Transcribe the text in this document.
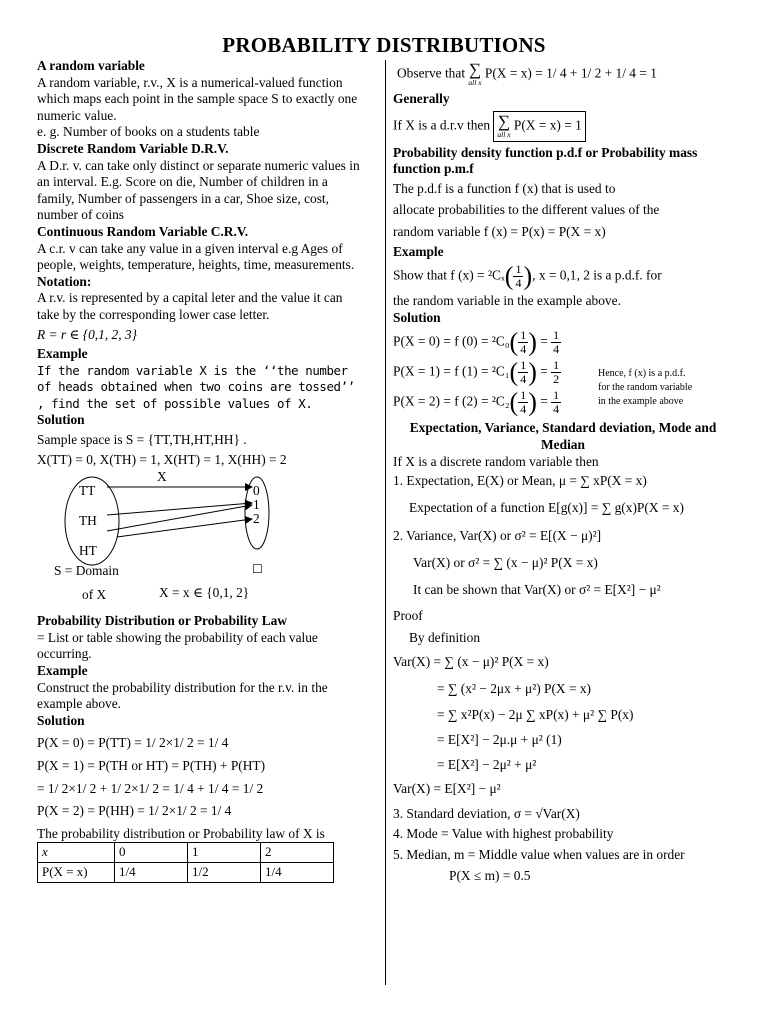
PROBABILITY DISTRIBUTIONS
A random variable
A random variable, r.v., X is a numerical-valued function which maps each point in the sample space S to exactly one numeric value.
e. g. Number of books on a students table
Discrete Random Variable D.R.V.
A D.r. v. can take only distinct or separate numeric values in an interval. E.g. Score on die, Number of children in a family, Number of passengers in a car, Shoe size, cost, number of coins
Continuous Random Variable C.R.V.
A c.r. v can take any value in a given interval e.g Ages of people, weights, temperature, heights, time, measurements.
Notation:
A r.v. is represented by a capital leter and the value it can take by the corresponding lower case letter.
R = r ∈ {0,1, 2, 3}
Example
If the random variable X is the ‘‘the number of heads obtained when two coins are tossed’’ , find the set of possible values of X.
Solution
Sample space is S = {TT,TH,HT,HH} .
X(TT) = 0, X(TH) = 1, X(HT) = 1, X(HH) = 2
X
TT
TH
HT
0
1
2
S = Domain	☐
of X	X = x ∈ {0,1, 2}
Probability Distribution or Probability Law
= List or table showing the probability of each value occurring.
Example
Construct the probability distribution for the r.v. in the example above.
Solution
P(X = 0) = P(TT) = 1/ 2×1/ 2 = 1/ 4
P(X = 1) = P(TH or HT) = P(TH) + P(HT)
= 1/ 2×1/ 2 + 1/ 2×1/ 2 = 1/ 4 + 1/ 4 = 1/ 2
P(X = 2) = P(HH) = 1/ 2×1/ 2 = 1/ 4
The probability distribution or Probability law of X is
x	0	1	2
P(X = x)	1/4	1/2	1/4
Observe that ∑
all x
P(X = x) = 1/ 4 + 1/ 2 + 1/ 4 = 1
Generally
If X is a d.r.v then ∑
all x
P(X = x) = 1
Probability density function p.d.f or Probability mass function p.m.f
The p.d.f is a function f (x) that is used to
allocate probabilities to the different values of the
random variable f (x) = P(x) = P(X = x)
Example
Show that f $(x) = ^2C_x( \frac{1}{4}$ ), x = 0,1, 2 is a p.d.f. for
the random variable in the example above.
Solution
P(X = 0) = f $(0) = ^2C_0( \frac{1}{4}$ ) = $\frac{1}{4}$
P(X = 1) = f $(1) = ^2C_1( \frac{1}{4}$ ) = $\frac{1}{2}$
P(X = 2) = f $(2) = ^2C_2( \frac{1}{4}$ ) = $\frac{1}{4}$
Hence, f (x) is a p.d.f.
for the random variable
in the example above
Expectation, Variance, Standard deviation, Mode and Median
If X is a discrete random variable then
1. Expectation, E(X) or Mean, μ = ∑ xP(X = x)
Expectation of a function E[g(x)] = ∑ g(x)P(X = x)
2. Variance, Var(X) or σ² = E[(X − μ)²]
Var(X) or σ² = ∑ (x − μ)² P(X = x)
It can be shown that Var(X) or σ² = E[X²] − μ²
Proof
By definition
Var(X) = ∑ (x − μ)² P(X = x)
= ∑ (x² − 2μx + μ²) P(X = x)
= ∑ x²P(x) − 2μ ∑ xP(x) + μ² ∑ P(x)
= E[X²] − 2μ.μ + μ² (1)
= E[X²] − 2μ² + μ²
Var(X) = E[X²] − μ²
3. Standard deviation, σ = √Var(X)
4. Mode = Value with highest probability
5. Median, m = Middle value when values are in order
P(X ≤ m) = 0.5
